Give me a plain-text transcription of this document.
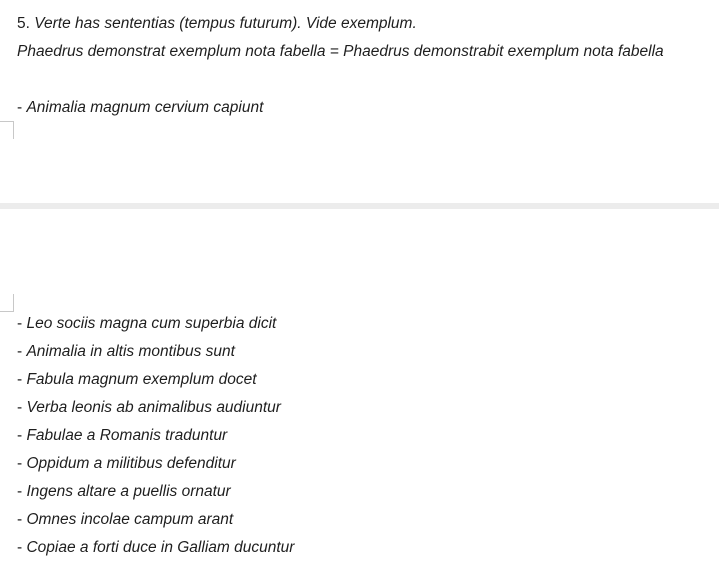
5. Verte has sententias (tempus futurum). Vide exemplum.
Phaedrus demonstrat exemplum nota fabella = Phaedrus demonstrabit exemplum nota fabella
- Animalia magnum cervium capiunt
- Leo sociis magna cum superbia dicit
- Animalia in altis montibus sunt
- Fabula magnum exemplum docet
- Verba leonis ab animalibus audiuntur
- Fabulae a Romanis traduntur
- Oppidum a militibus defenditur
- Ingens altare a puellis ornatur
- Omnes incolae campum arant
- Copiae a forti duce in Galliam ducuntur
